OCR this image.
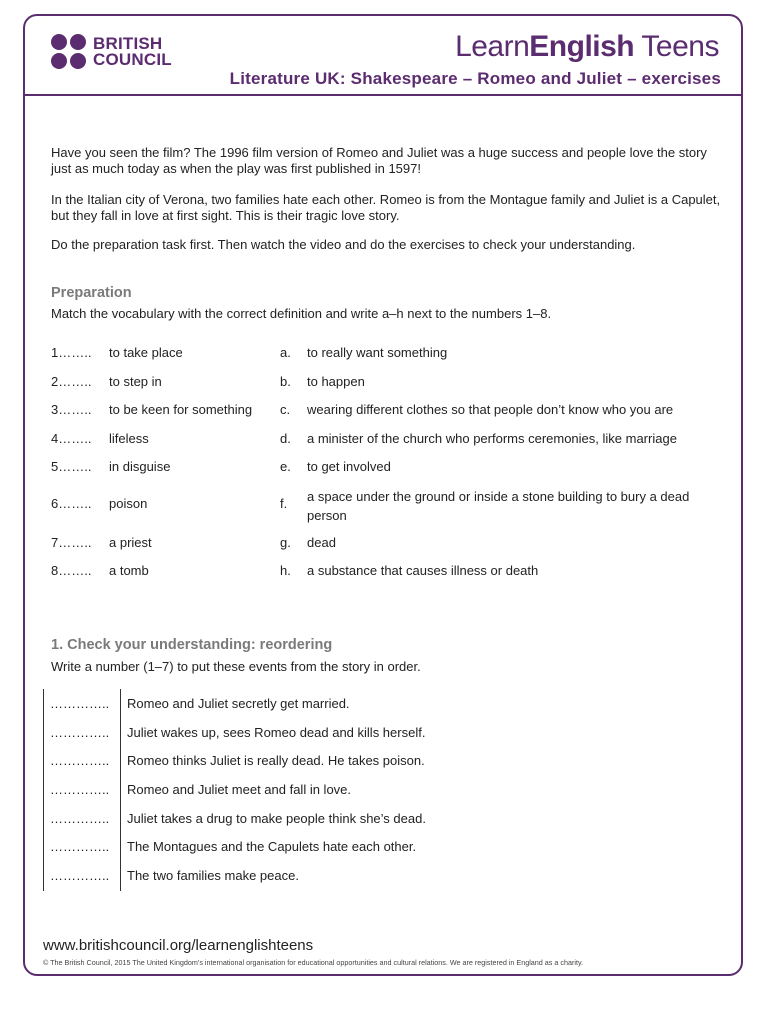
BRITISH
COUNCIL	LearnEnglish Teens
Literature UK: Shakespeare – Romeo and Juliet – exercises

Have you seen the film? The 1996 film version of Romeo and Juliet was a huge success and people love the story just as much today as when the play was first published in 1597!

In the Italian city of Verona, two families hate each other. Romeo is from the Montague family and Juliet is a Capulet, but they fall in love at first sight. This is their tragic love story.

Do the preparation task first. Then watch the video and do the exercises to check your understanding.

Preparation
Match the vocabulary with the correct definition and write a–h next to the numbers 1–8.
1…….. to take place	a. to really want something
2…….. to step in	b. to happen
3…….. to be keen for something c. wearing different clothes so that people don’t know who you are
4…….. lifeless	d. a minister of the church who performs ceremonies, like marriage
5…….. in disguise	e. to get involved
6…….. poison	f. a space under the ground or inside a stone building to bury a dead person
7…….. a priest	g. dead
8…….. a tomb	h. a substance that causes illness or death
1. Check your understanding: reordering
Write a number (1–7) to put these events from the story in order.
………….. Romeo and Juliet secretly get married.
………….. Juliet wakes up, sees Romeo dead and kills herself.
………….. Romeo thinks Juliet is really dead. He takes poison.
………….. Romeo and Juliet meet and fall in love.
………….. Juliet takes a drug to make people think she’s dead.
………….. The Montagues and the Capulets hate each other.
………….. The two families make peace.
www.britishcouncil.org/learnenglishteens
© The British Council, 2015 The United Kingdom’s international organisation for educational opportunities and cultural relations. We are registered in England as a charity.
